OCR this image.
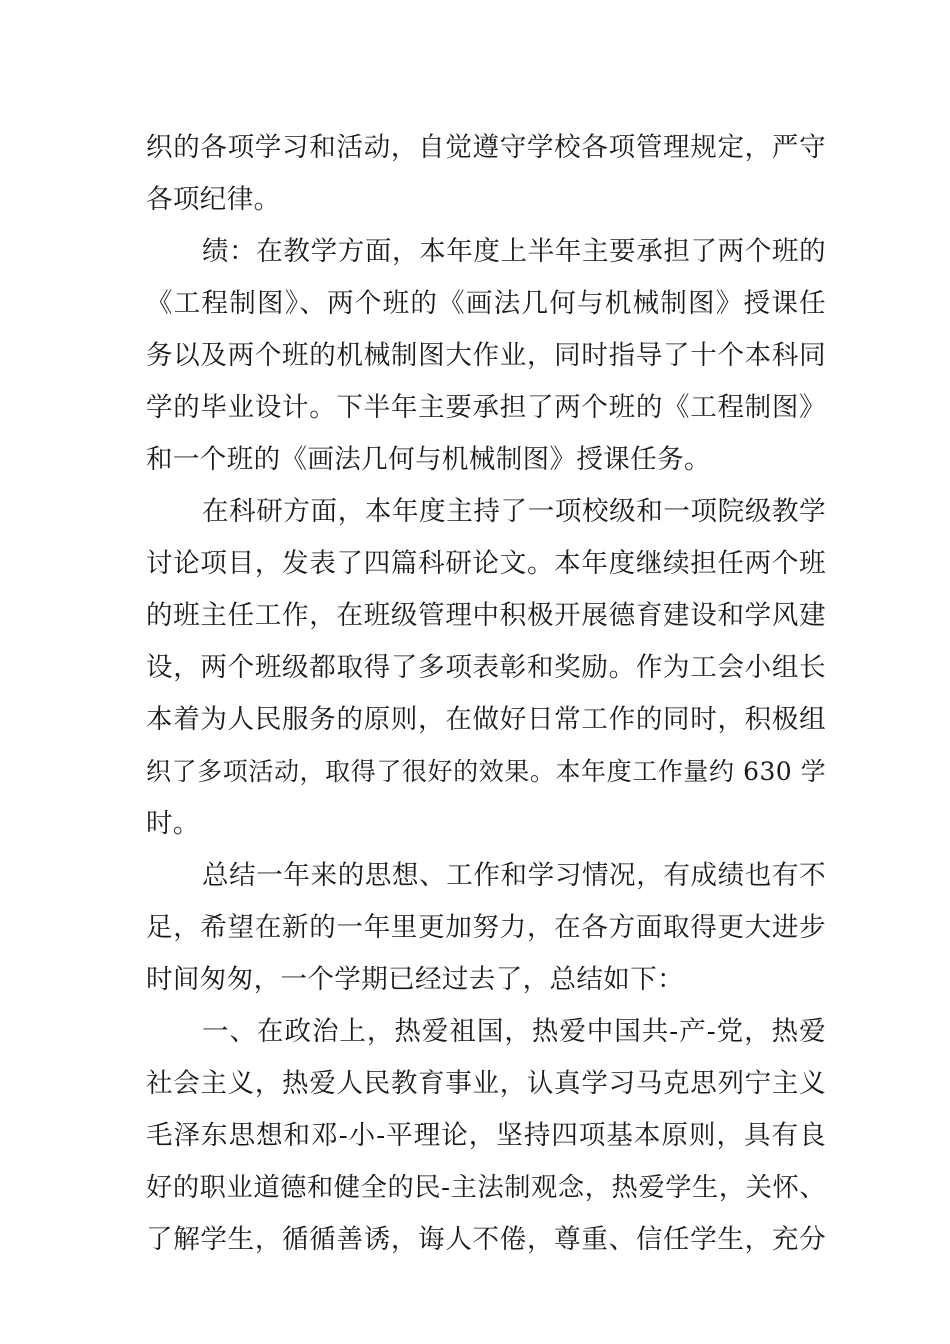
织的各项学习和活动，自觉遵守学校各项管理规定，严守
各项纪律。
绩：在教学方面，本年度上半年主要承担了两个班的
《工程制图》、两个班的《画法几何与机械制图》授课任
务以及两个班的机械制图大作业，同时指导了十个本科同
学的毕业设计。下半年主要承担了两个班的《工程制图》
和一个班的《画法几何与机械制图》授课任务。
在科研方面，本年度主持了一项校级和一项院级教学
讨论项目，发表了四篇科研论文。本年度继续担任两个班
的班主任工作，在班级管理中积极开展德育建设和学风建
设，两个班级都取得了多项表彰和奖励。作为工会小组长
本着为人民服务的原则，在做好日常工作的同时，积极组
织了多项活动，取得了很好的效果。本年度工作量约 630 学
时。
总结一年来的思想、工作和学习情况，有成绩也有不
足，希望在新的一年里更加努力，在各方面取得更大进步
时间匆匆，一个学期已经过去了，总结如下：
一、在政治上，热爱祖国，热爱中国共-产-党，热爱
社会主义，热爱人民教育事业，认真学习马克思列宁主义
毛泽东思想和邓-小-平理论，坚持四项基本原则，具有良
好的职业道德和健全的民-主法制观念，热爱学生，关怀、
了解学生，循循善诱，诲人不倦，尊重、信任学生，充分
